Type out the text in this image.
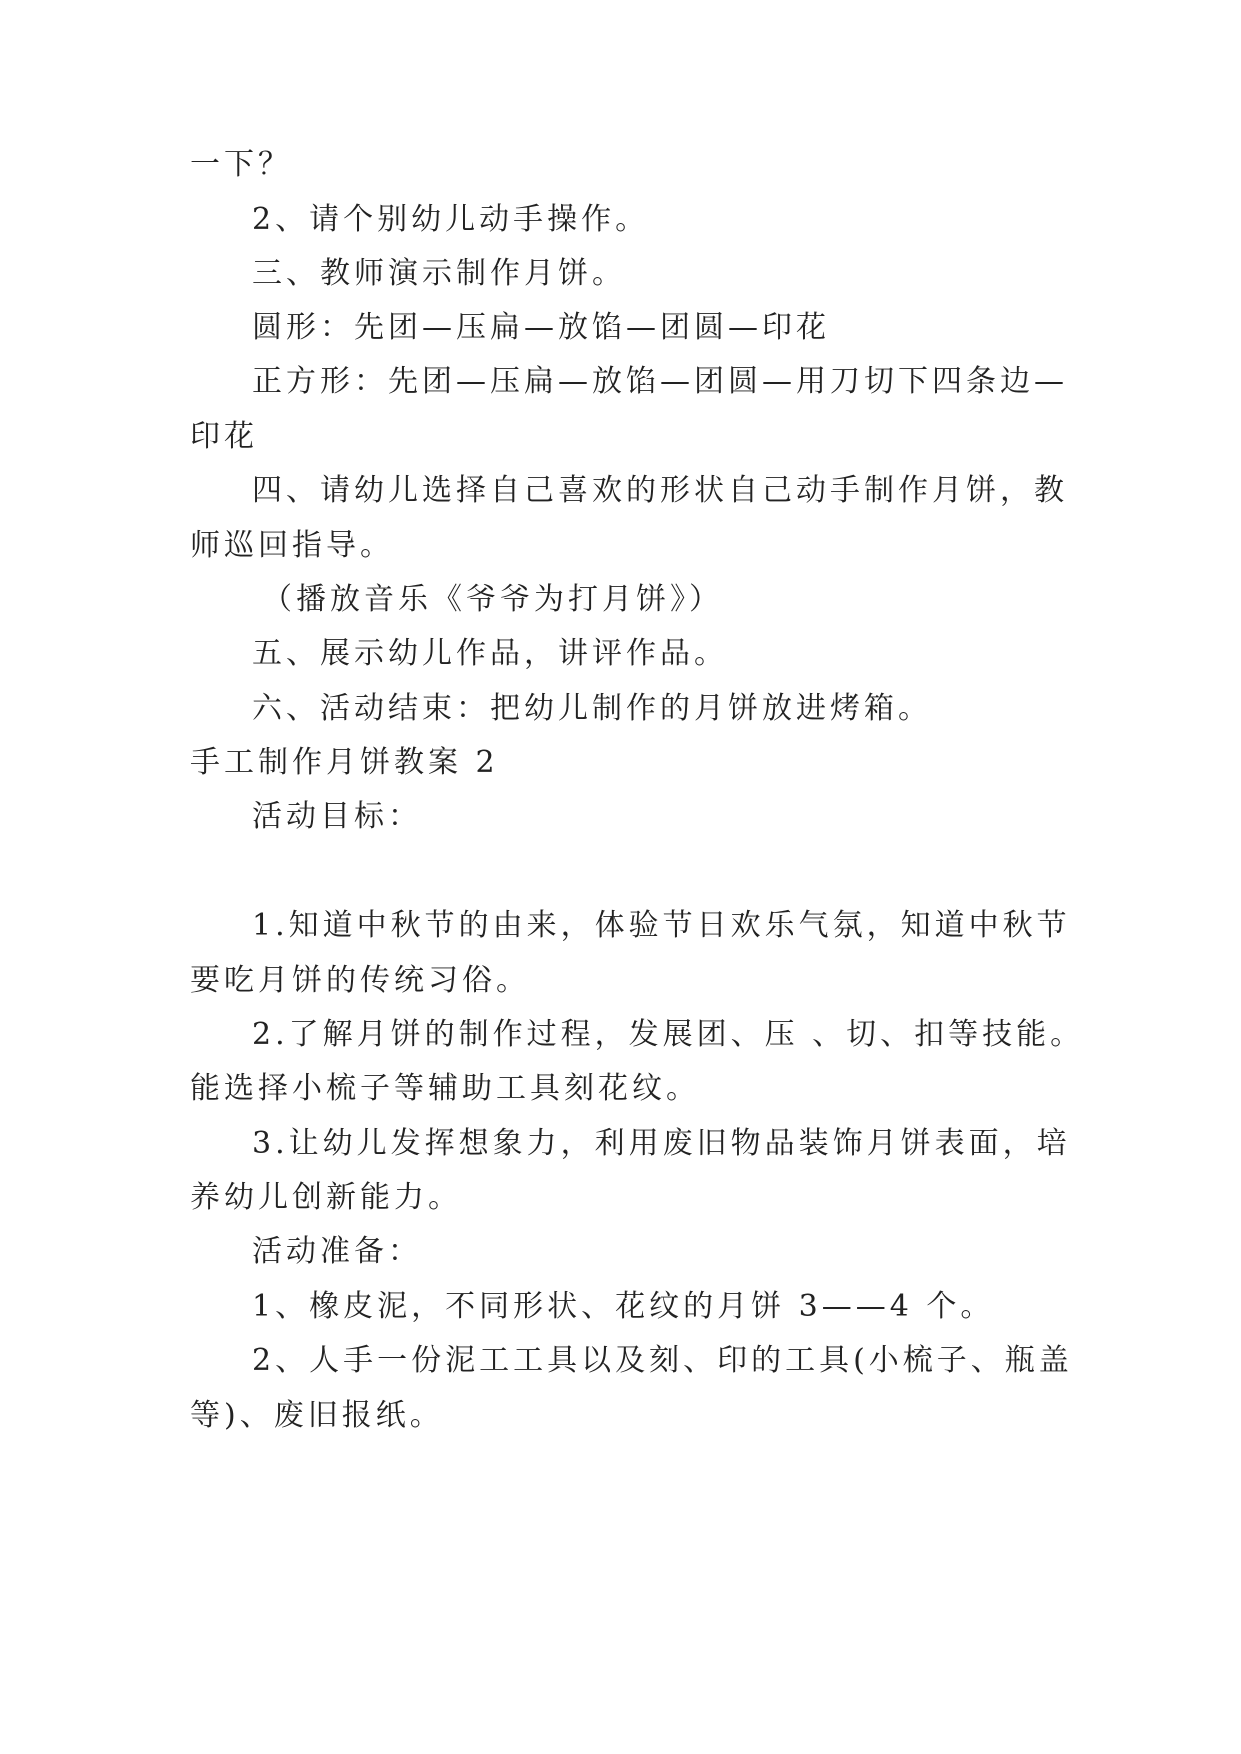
一下？
2、请个别幼儿动手操作。
三、教师演示制作月饼。
圆形：先团—压扁—放馅—团圆—印花
正方形：先团—压扁—放馅—团圆—用刀切下四条边—
印花
四、请幼儿选择自己喜欢的形状自己动手制作月饼，教
师巡回指导。
（播放音乐《爷爷为打月饼》）
五、展示幼儿作品，讲评作品。
六、活动结束：把幼儿制作的月饼放进烤箱。
手工制作月饼教案 2
活动目标：
1.知道中秋节的由来，体验节日欢乐气氛，知道中秋节
要吃月饼的传统习俗。
2.了解月饼的制作过程，发展团、压 、切、扣等技能。
能选择小梳子等辅助工具刻花纹。
3.让幼儿发挥想象力，利用废旧物品装饰月饼表面，培
养幼儿创新能力。
活动准备：
1、橡皮泥，不同形状、花纹的月饼 3——4 个。
2、人手一份泥工工具以及刻、印的工具(小梳子、瓶盖
等)、废旧报纸。
